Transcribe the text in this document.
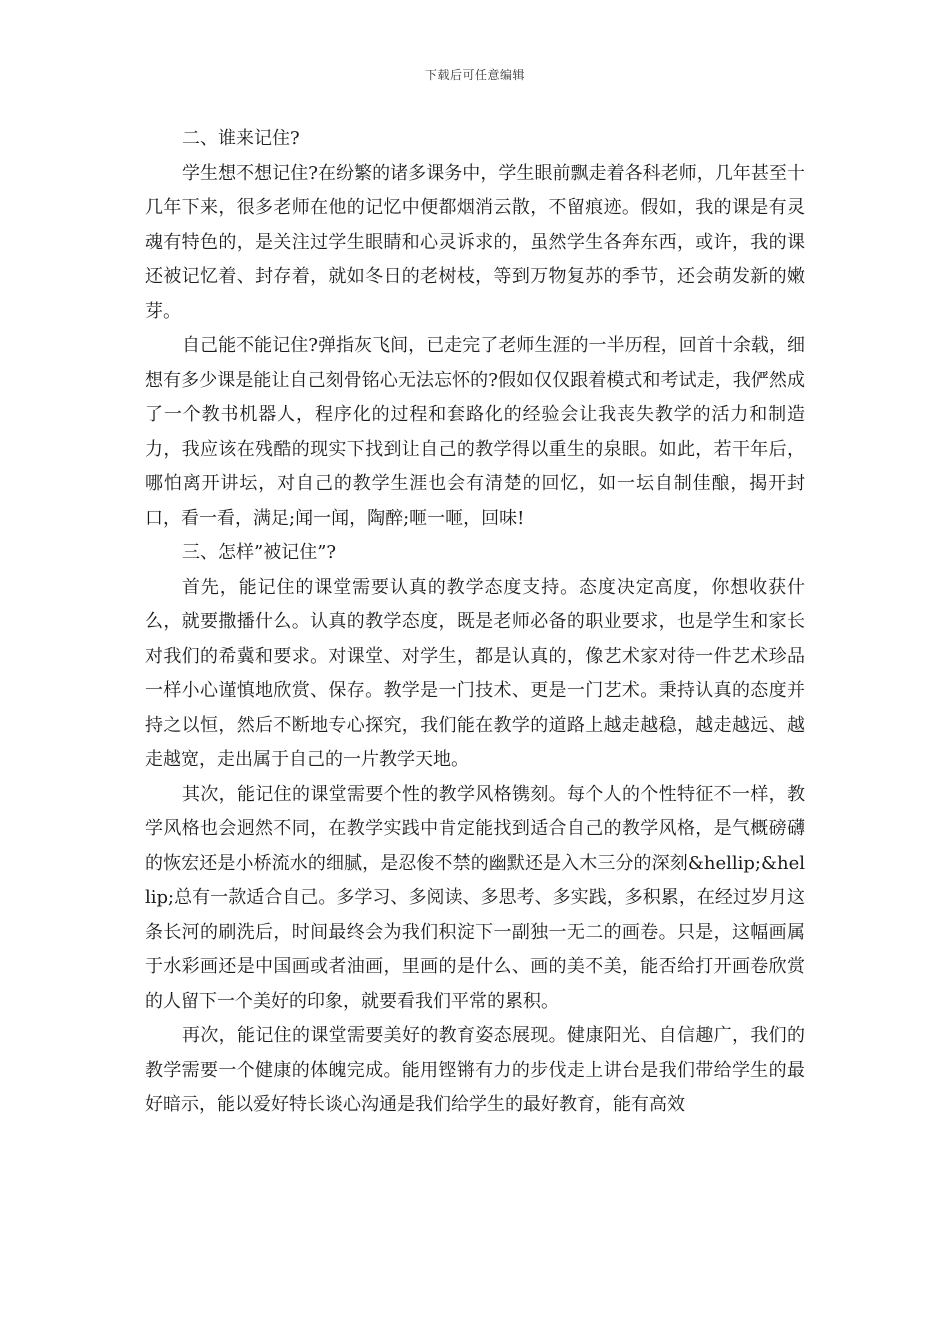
下载后可任意编辑

二、谁来记住?

学生想不想记住?在纷繁的诸多课务中，学生眼前飘走着各科老师，几年甚至十几年下来，很多老师在他的记忆中便都烟消云散，不留痕迹。假如，我的课是有灵魂有特色的，是关注过学生眼睛和心灵诉求的，虽然学生各奔东西，或许，我的课还被记忆着、封存着，就如冬日的老树枝，等到万物复苏的季节，还会萌发新的嫩芽。

自己能不能记住?弹指灰飞间，已走完了老师生涯的一半历程，回首十余载，细想有多少课是能让自己刻骨铭心无法忘怀的?假如仅仅跟着模式和考试走，我俨然成了一个教书机器人，程序化的过程和套路化的经验会让我丧失教学的活力和制造力，我应该在残酷的现实下找到让自己的教学得以重生的泉眼。如此，若干年后，哪怕离开讲坛，对自己的教学生涯也会有清楚的回忆，如一坛自制佳酿，揭开封口，看一看，满足;闻一闻，陶醉;咂一咂，回味!

三、怎样”被记住”?

首先，能记住的课堂需要认真的教学态度支持。态度决定高度，你想收获什么，就要撒播什么。认真的教学态度，既是老师必备的职业要求，也是学生和家长对我们的希冀和要求。对课堂、对学生，都是认真的，像艺术家对待一件艺术珍品一样小心谨慎地欣赏、保存。教学是一门技术、更是一门艺术。秉持认真的态度并持之以恒，然后不断地专心探究，我们能在教学的道路上越走越稳，越走越远、越走越宽，走出属于自己的一片教学天地。

其次，能记住的课堂需要个性的教学风格镌刻。每个人的个性特征不一样，教学风格也会迥然不同，在教学实践中肯定能找到适合自己的教学风格，是气概磅礴的恢宏还是小桥流水的细腻，是忍俊不禁的幽默还是入木三分的深刻&hellip;&hellip;总有一款适合自己。多学习、多阅读、多思考、多实践，多积累，在经过岁月这条长河的刷洗后，时间最终会为我们积淀下一副独一无二的画卷。只是，这幅画属于水彩画还是中国画或者油画，里画的是什么、画的美不美，能否给打开画卷欣赏的人留下一个美好的印象，就要看我们平常的累积。

再次，能记住的课堂需要美好的教育姿态展现。健康阳光、自信趣广，我们的教学需要一个健康的体魄完成。能用铿锵有力的步伐走上讲台是我们带给学生的最好暗示，能以爱好特长谈心沟通是我们给学生的最好教育，能有高效
